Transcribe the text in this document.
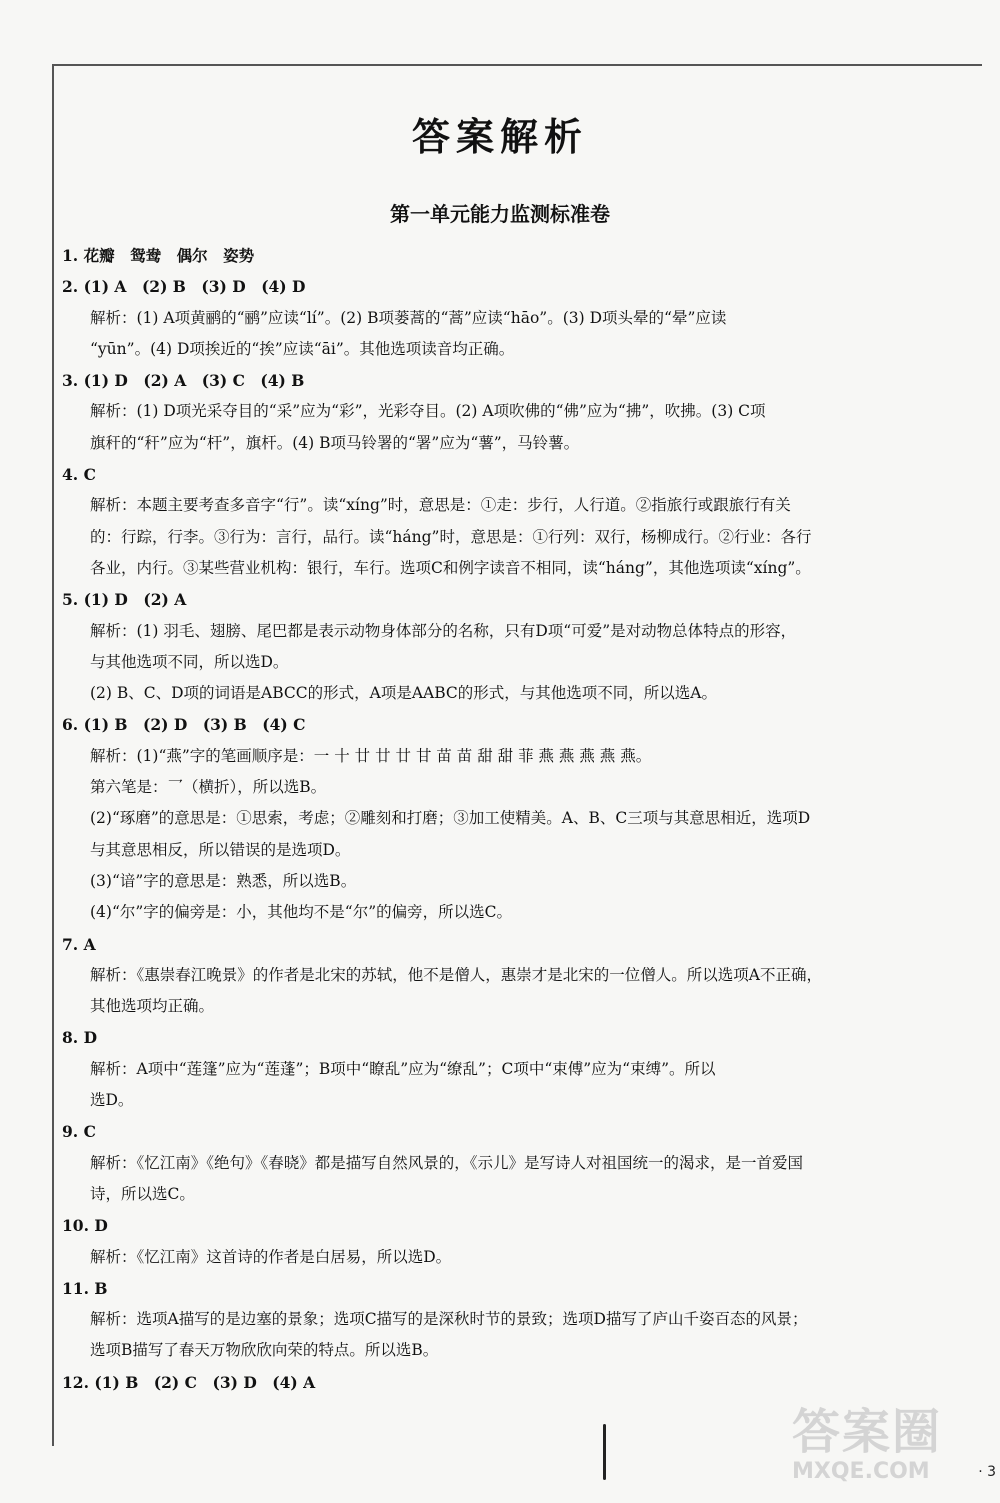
答案解析
第一单元能力监测标准卷
1. 花瓣　鸳鸯　偶尔　姿势
2. (1) A　(2) B　(3) D　(4) D
解析：(1) A项黄鹂的“鹂”应读“lí”。(2) B项蒌蒿的“蒿”应读“hāo”。(3) D项头晕的“晕”应读
“yūn”。(4) D项挨近的“挨”应读“āi”。其他选项读音均正确。
3. (1) D　(2) A　(3) C　(4) B
解析：(1) D项光采夺目的“采”应为“彩”，光彩夺目。(2) A项吹佛的“佛”应为“拂”，吹拂。(3) C项
旗秆的“秆”应为“杆”，旗杆。(4) B项马铃署的“署”应为“薯”，马铃薯。
4. C
解析：本题主要考查多音字“行”。读“xíng”时，意思是：①走：步行，人行道。②指旅行或跟旅行有关
的：行踪，行李。③行为：言行，品行。读“háng”时，意思是：①行列：双行，杨柳成行。②行业：各行
各业，内行。③某些营业机构：银行，车行。选项C和例字读音不相同，读“háng”，其他选项读“xíng”。
5. (1) D　(2) A
解析：(1) 羽毛、翅膀、尾巴都是表示动物身体部分的名称，只有D项“可爱”是对动物总体特点的形容，
与其他选项不同，所以选D。
(2) B、C、D项的词语是ABCC的形式，A项是AABC的形式，与其他选项不同，所以选A。
6. (1) B　(2) D　(3) B　(4) C
解析：(1)“燕”字的笔画顺序是：一 十 廿 廿 廿 甘 苗 苗 甜 甜 菲 燕 燕 燕 燕 燕。
第六笔是：乛（横折），所以选B。
(2)“琢磨”的意思是：①思索，考虑；②雕刻和打磨；③加工使精美。A、B、C三项与其意思相近，选项D
与其意思相反，所以错误的是选项D。
(3)“谙”字的意思是：熟悉，所以选B。
(4)“尔”字的偏旁是：小，其他均不是“尔”的偏旁，所以选C。
7. A
解析：《惠崇春江晚景》的作者是北宋的苏轼，他不是僧人，惠崇才是北宋的一位僧人。所以选项A不正确，
其他选项均正确。
8. D
解析：A项中“莲篷”应为“莲蓬”；B项中“瞭乱”应为“缭乱”；C项中“束傅”应为“束缚”。所以
选D。
9. C
解析：《忆江南》《绝句》《春晓》都是描写自然风景的，《示儿》是写诗人对祖国统一的渴求，是一首爱国
诗，所以选C。
10. D
解析：《忆江南》这首诗的作者是白居易，所以选D。
11. B
解析：选项A描写的是边塞的景象；选项C描写的是深秋时节的景致；选项D描写了庐山千姿百态的风景；
选项B描写了春天万物欣欣向荣的特点。所以选B。
12. (1) B　(2) C　(3) D　(4) A
答案圈
MXQE.COM	· 3
